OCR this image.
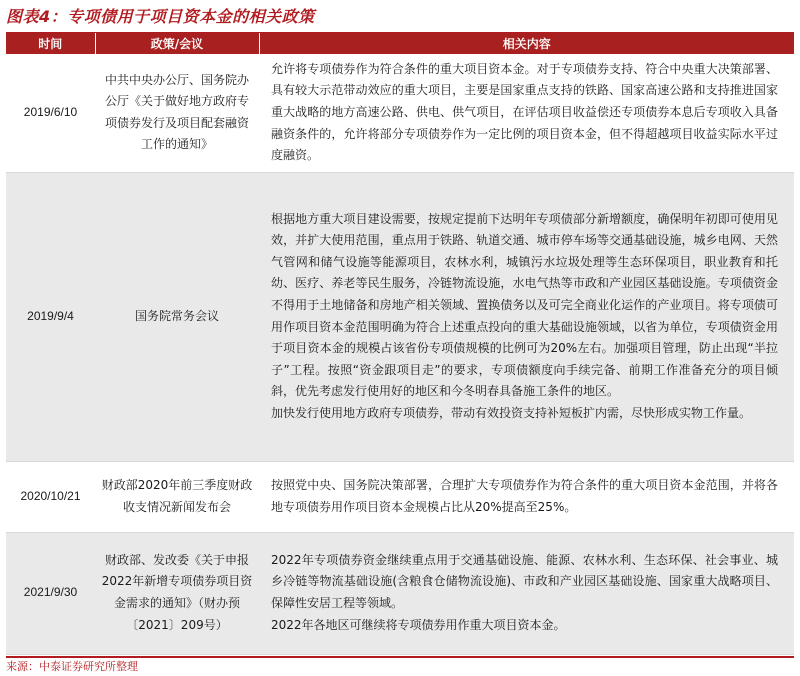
图表4：专项债用于项目资本金的相关政策
时间	政策/会议	相关内容
2019/6/10	中共中央办公厅、国务院办公厅《关于做好地方政府专项债券发行及项目配套融资工作的通知》	允许将专项债券作为符合条件的重大项目资本金。对于专项债券支持、符合中央重大决策部署、具有较大示范带动效应的重大项目，主要是国家重点支持的铁路、国家高速公路和支持推进国家重大战略的地方高速公路、供电、供气项目，在评估项目收益偿还专项债券本息后专项收入具备融资条件的，允许将部分专项债券作为一定比例的项目资本金，但不得超越项目收益实际水平过度融资。

2019/9/4	国务院常务会议	根据地方重大项目建设需要，按规定提前下达明年专项债部分新增额度，确保明年初即可使用见效，并扩大使用范围，重点用于铁路、轨道交通、城市停车场等交通基础设施，城乡电网、天然气管网和储气设施等能源项目，农林水利，城镇污水垃圾处理等生态环保项目，职业教育和托幼、医疗、养老等民生服务，冷链物流设施，水电气热等市政和产业园区基础设施。专项债资金不得用于土地储备和房地产相关领域、置换债务以及可完全商业化运作的产业项目。将专项债可用作项目资本金范围明确为符合上述重点投向的重大基础设施领域，以省为单位，专项债资金用于项目资本金的规模占该省份专项债规模的比例可为20%左右。加强项目管理，防止出现“半拉子”工程。按照“资金跟项目走”的要求，专项债额度向手续完备、前期工作准备充分的项目倾斜，优先考虑发行使用好的地区和今冬明春具备施工条件的地区。

加快发行使用地方政府专项债券，带动有效投资支持补短板扩内需，尽快形成实物工作量。

2020/10/21	财政部2020年前三季度财政收支情况新闻发布会	按照党中央、国务院决策部署，合理扩大专项债券作为符合条件的重大项目资本金范围，并将各地专项债券用作项目资本金规模占比从20%提高至25%。

2021/9/30	财政部、发改委《关于申报2022年新增专项债券项目资金需求的通知》（财办预〔2021〕209号）	2022年专项债券资金继续重点用于交通基础设施、能源、农林水利、生态环保、社会事业、城乡冷链等物流基础设施(含粮食仓储物流设施)、市政和产业园区基础设施、国家重大战略项目、保障性安居工程等领域。

2022年各地区可继续将专项债券用作重大项目资本金。

来源：中泰证券研究所整理
